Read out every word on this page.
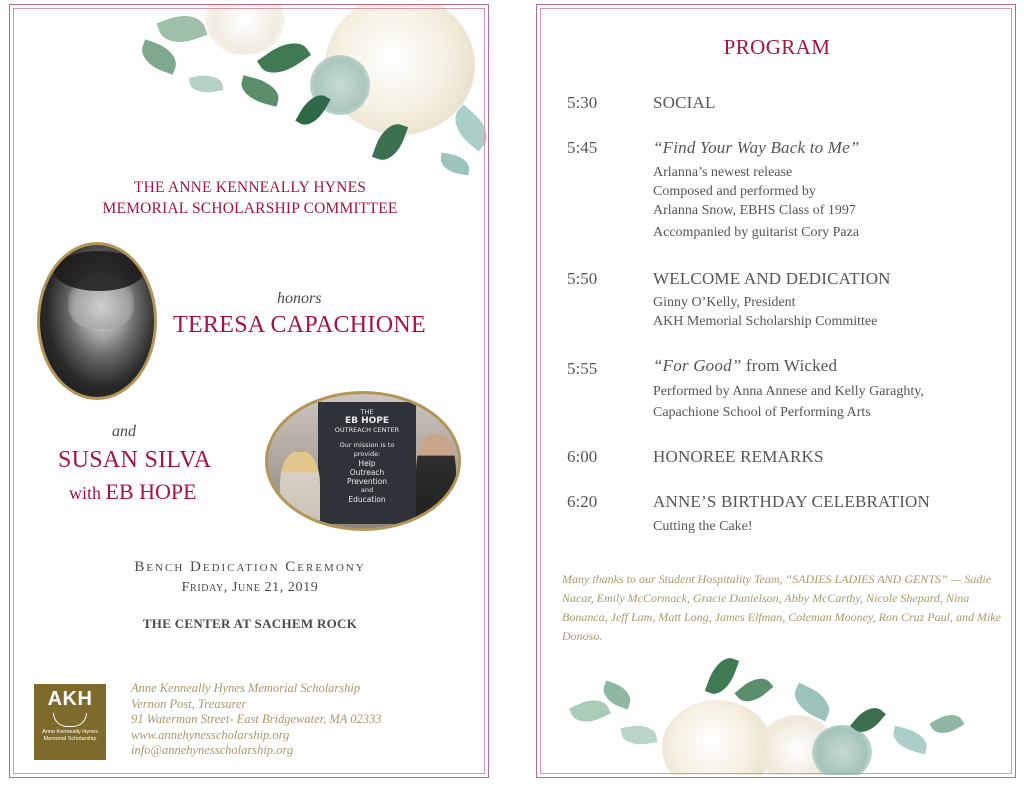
THE ANNE KENNEALLY HYNES
MEMORIAL SCHOLARSHIP COMMITTEE
honors
TERESA CAPACHIONE
and
SUSAN SILVA
with EB HOPE
THE
EB HOPE
OUTREACH CENTER
Our mission is to provide:
Help
Outreach
Prevention
and
Education
Bench Dedication Ceremony
Friday, June 21, 2019
THE CENTER AT SACHEM ROCK
AKH
Anne Kenneally Hynes Memorial Scholarship
Anne Kenneally Hynes Memorial Scholarship
Vernon Post, Treasurer
91 Waterman Street- East Bridgewater, MA 02333
www.annehynesscholarship.org
info@annehynesscholarship.org
PROGRAM
5:30	SOCIAL
5:45	“Find Your Way Back to Me”
Arlanna’s newest release
Composed and performed by
Arlanna Snow, EBHS Class of 1997
Accompanied by guitarist Cory Paza
5:50	WELCOME AND DEDICATION
Ginny O’Kelly, President
AKH Memorial Scholarship Committee
5:55	“For Good” from Wicked
Performed by Anna Annese and Kelly Garaghty,
Capachione School of Performing Arts
6:00	HONOREE REMARKS
6:20	ANNE’S BIRTHDAY CELEBRATION
Cutting the Cake!
Many thanks to our Student Hospitality Team, “SADIES LADIES AND GENTS” — Sadie Nacar, Emily McCormack, Gracie Danielson, Abby McCarthy, Nicole Shepard, Nina Bonanca, Jeff Lam, Matt Long, James Elfman, Coleman Mooney, Ron Cruz Paul, and Mike Donoso.
